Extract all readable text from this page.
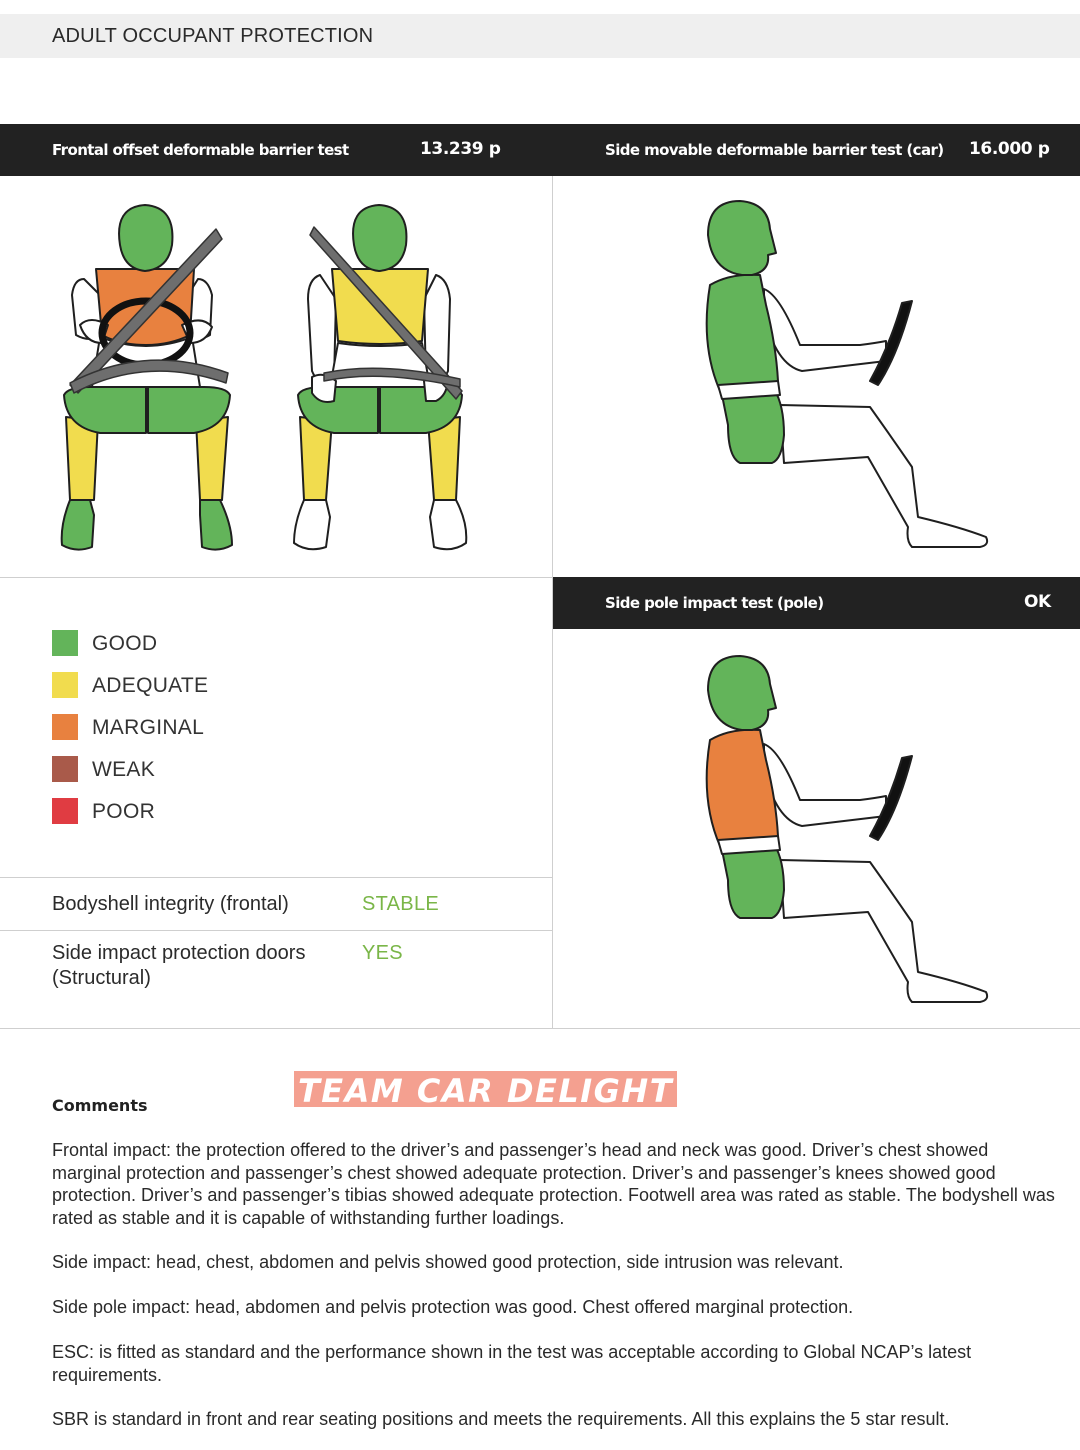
ADULT OCCUPANT PROTECTION
Frontal offset deformable barrier test	13.239 p	Side movable deformable barrier test (car) 16.000 p
Side pole impact test (pole)	OK
GOOD
ADEQUATE
MARGINAL
WEAK
POOR
Bodyshell integrity (frontal)	STABLE
Side impact protection doors (Structural)
YES
TEAM CAR DELIGHT
Comments

Frontal impact: the protection offered to the driver’s and passenger’s head and neck was good. Driver’s chest showed marginal protection and passenger’s chest showed adequate protection. Driver’s and passenger’s knees showed good protection. Driver’s and passenger’s tibias showed adequate protection. Footwell area was rated as stable. The bodyshell was rated as stable and it is capable of withstanding further loadings.

Side impact: head, chest, abdomen and pelvis showed good protection, side intrusion was relevant.

Side pole impact: head, abdomen and pelvis protection was good. Chest offered marginal protection.

ESC: is fitted as standard and the performance shown in the test was acceptable according to Global NCAP’s latest requirements.

SBR is standard in front and rear seating positions and meets the requirements. All this explains the 5 star result.
